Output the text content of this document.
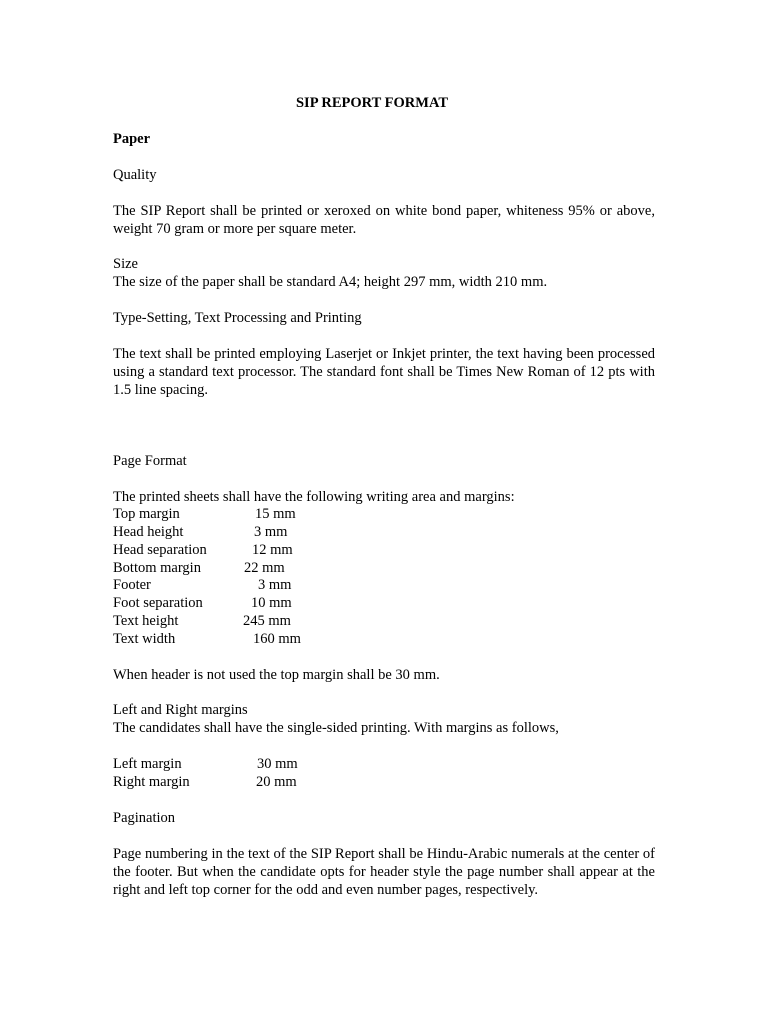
SIP REPORT FORMAT
Paper
Quality

The SIP Report shall be printed or xeroxed on white bond paper, whiteness 95% or above, weight 70 gram or more per square meter.

Size
The size of the paper shall be standard A4; height 297 mm, width 210 mm.
Type-Setting, Text Processing and Printing

The text shall be printed employing Laserjet or Inkjet printer, the text having been processed using a standard text processor. The standard font shall be Times New Roman of 12 pts with 1.5 line spacing.

Page Format
The printed sheets shall have the following writing area and margins:
Top margin	15 mm
Head height	3 mm
Head separation	12 mm
Bottom margin	22 mm
Footer	3 mm
Foot separation	10 mm
Text height	245 mm
Text width	160 mm
When header is not used the top margin shall be 30 mm.
Left and Right margins
The candidates shall have the single-sided printing. With margins as follows,
Left margin	30 mm
Right margin	20 mm
Pagination

Page numbering in the text of the SIP Report shall be Hindu-Arabic numerals at the center of the footer. But when the candidate opts for header style the page number shall appear at the right and left top corner for the odd and even number pages, respectively.
